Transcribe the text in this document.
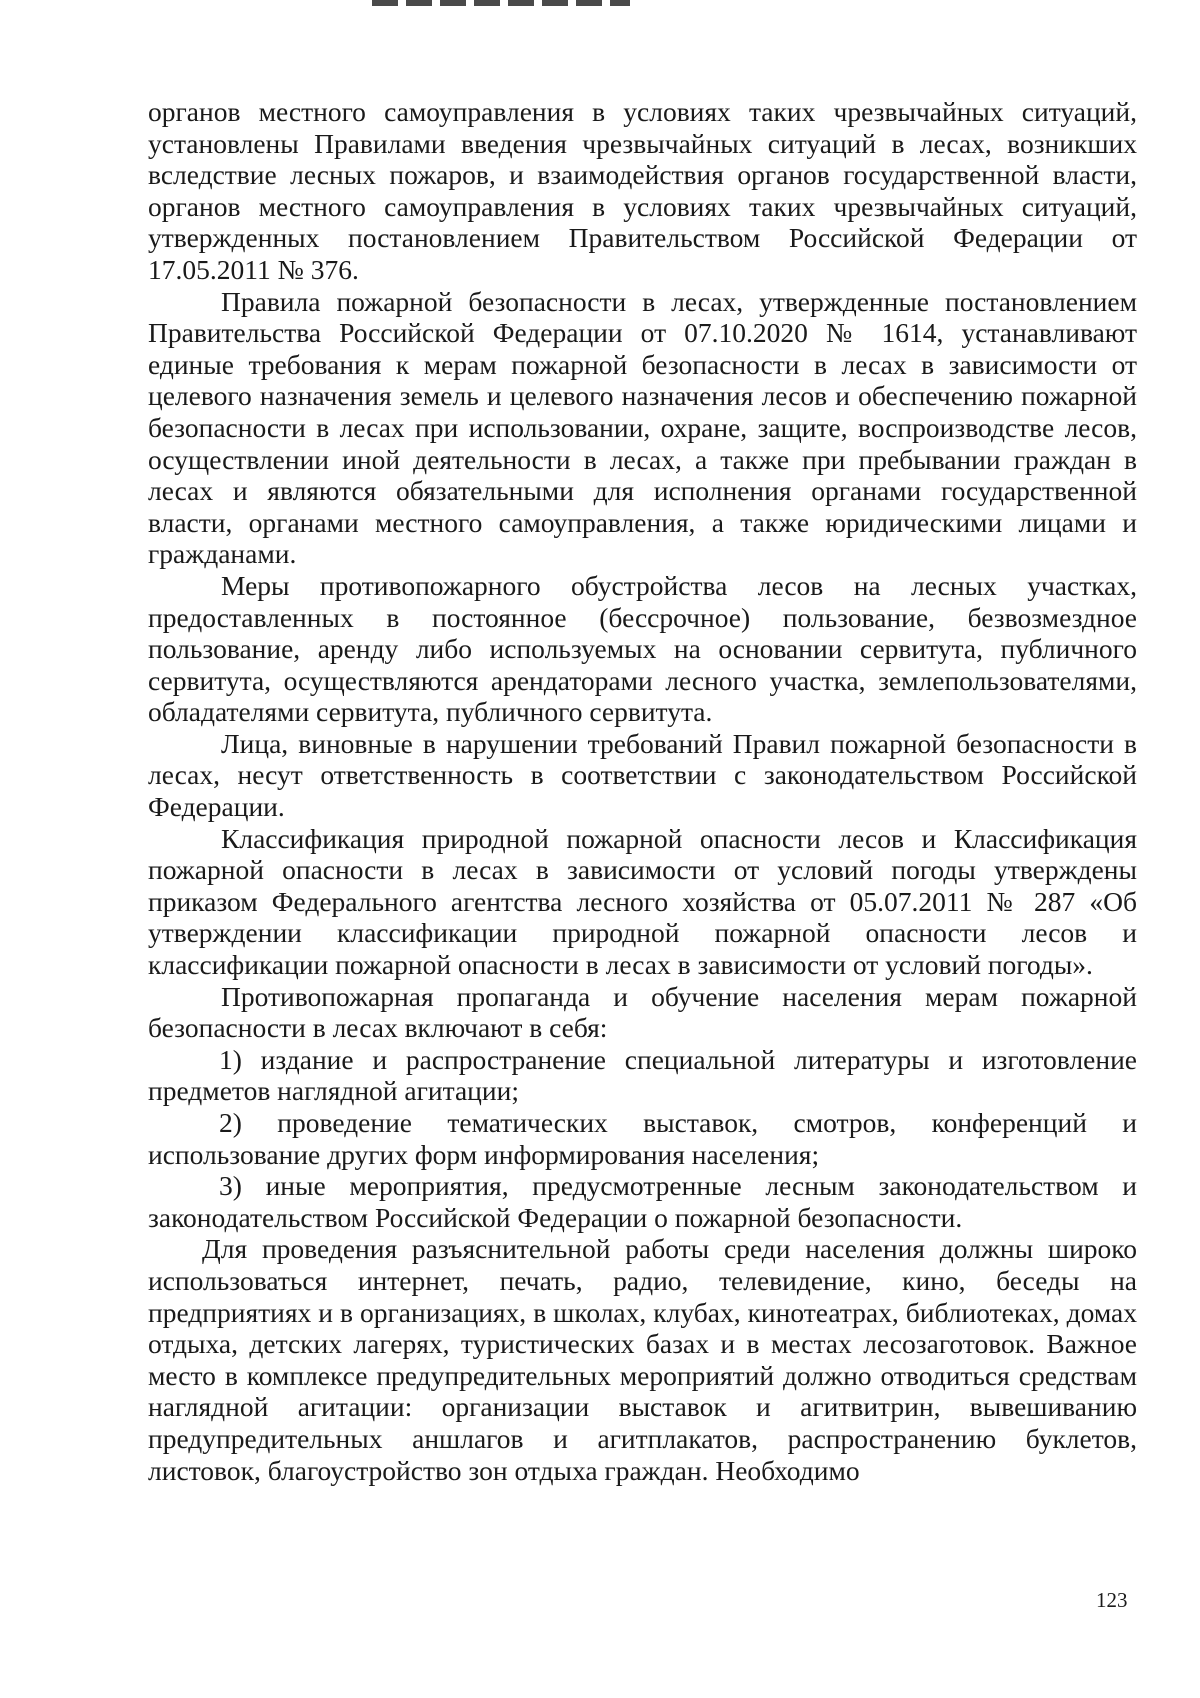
органов местного самоуправления в условиях таких чрезвычайных ситуаций, установлены Правилами введения чрезвычайных ситуаций в лесах, возникших вследствие лесных пожаров, и взаимодействия органов государственной власти, органов местного самоуправления в условиях таких чрезвычайных ситуаций, утвержденных постановлением Правительством Российской Федерации от 17.05.2011 № 376.

Правила пожарной безопасности в лесах, утвержденные постановлением Правительства Российской Федерации от 07.10.2020 № 1614, устанавливают единые требования к мерам пожарной безопасности в лесах в зависимости от целевого назначения земель и целевого назначения лесов и обеспечению пожарной безопасности в лесах при использовании, охране, защите, воспроизводстве лесов, осуществлении иной деятельности в лесах, а также при пребывании граждан в лесах и являются обязательными для исполнения органами государственной власти, органами местного самоуправления, а также юридическими лицами и гражданами.

Меры противопожарного обустройства лесов на лесных участках, предоставленных в постоянное (бессрочное) пользование, безвозмездное пользование, аренду либо используемых на основании сервитута, публичного сервитута, осуществляются арендаторами лесного участка, землепользователями, обладателями сервитута, публичного сервитута.

Лица, виновные в нарушении требований Правил пожарной безопасности в лесах, несут ответственность в соответствии с законодательством Российской Федерации.

Классификация природной пожарной опасности лесов и Классификация пожарной опасности в лесах в зависимости от условий погоды утверждены приказом Федерального агентства лесного хозяйства от 05.07.2011 № 287 «Об утверждении классификации природной пожарной опасности лесов и классификации пожарной опасности в лесах в зависимости от условий погоды».

Противопожарная пропаганда и обучение населения мерам пожарной безопасности в лесах включают в себя:

1) издание и распространение специальной литературы и изготовление предметов наглядной агитации;

2) проведение тематических выставок, смотров, конференций и использование других форм информирования населения;

3) иные мероприятия, предусмотренные лесным законодательством и законодательством Российской Федерации о пожарной безопасности.

Для проведения разъяснительной работы среди населения должны широко использоваться интернет, печать, радио, телевидение, кино, беседы на предприятиях и в организациях, в школах, клубах, кинотеатрах, библиотеках, домах отдыха, детских лагерях, туристических базах и в местах лесозаготовок. Важное место в комплексе предупредительных мероприятий должно отводиться средствам наглядной агитации: организации выставок и агитвитрин, вывешиванию предупредительных аншлагов и агитплакатов, распространению буклетов, листовок, благоустройство зон отдыха граждан. Необходимо

123
